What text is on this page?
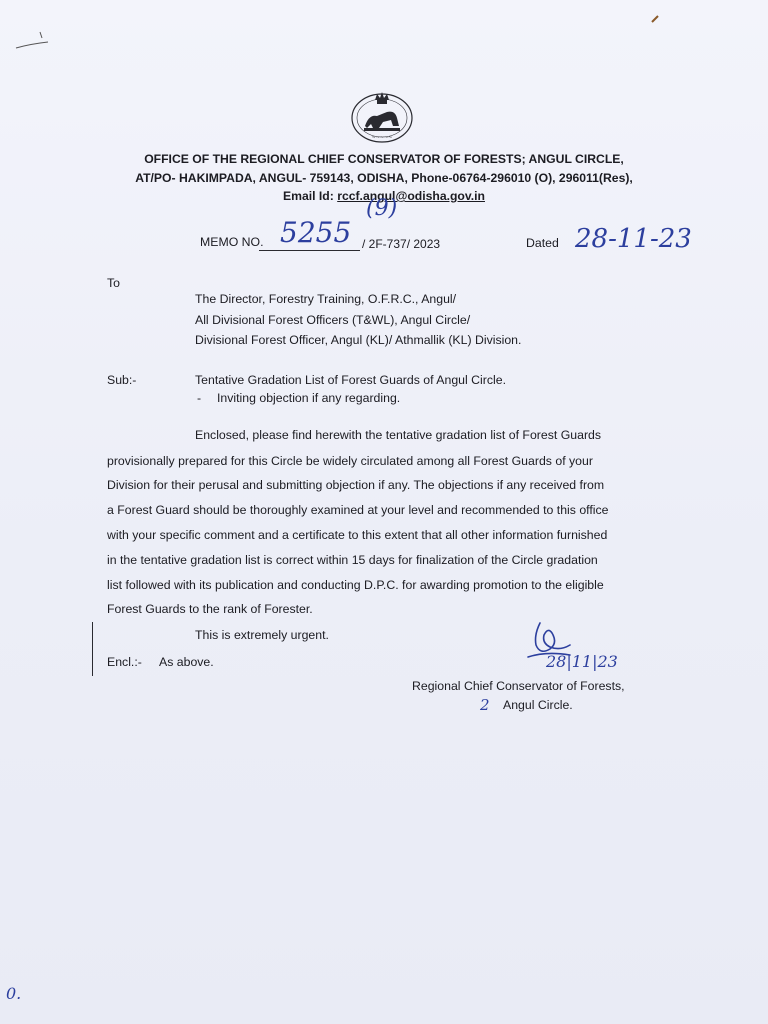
~~~~~
OFFICE OF THE REGIONAL CHIEF CONSERVATOR OF FORESTS; ANGUL CIRCLE,
AT/PO- HAKIMPADA, ANGUL- 759143, ODISHA, Phone-06764-296010 (O), 296011(Res),
Email Id: rccf.angul@odisha.gov.in
MEMO NO. 5255
(9)
/ 2F-737/ 2023	Dated 28-11-23
To
The Director, Forestry Training, O.F.R.C., Angul/
All Divisional Forest Officers (T&WL), Angul Circle/
Divisional Forest Officer, Angul (KL)/ Athmallik (KL) Division.
Sub:-	Tentative Gradation List of Forest Guards of Angul Circle.
- Inviting objection if any regarding.
Enclosed, please find herewith the tentative gradation list of Forest Guards
provisionally prepared for this Circle be widely circulated among all Forest Guards of your
Division for their perusal and submitting objection if any. The objections if any received from
a Forest Guard should be thoroughly examined at your level and recommended to this office
with your specific comment and a certificate to this extent that all other information furnished
in the tentative gradation list is correct within 15 days for finalization of the Circle gradation
list followed with its publication and conducting D.P.C. for awarding promotion to the eligible
Forest Guards to the rank of Forester.
This is extremely urgent.
Encl.:- As above.	28|11|23
Regional Chief Conservator of Forests,
2 Angul Circle.
0.
